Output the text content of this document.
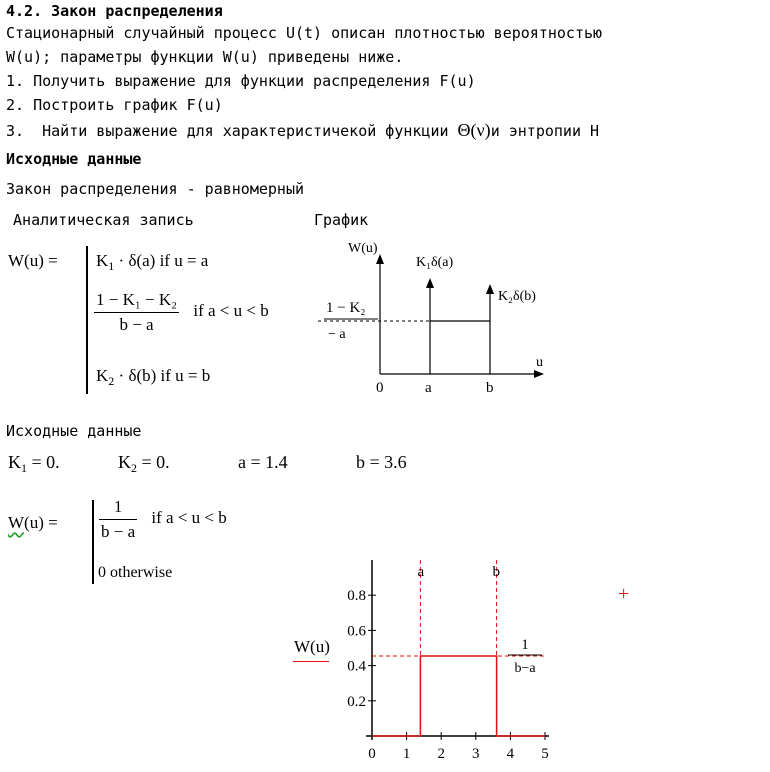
4.2. Закон распределения
Стационарный случайный процесс U(t) описан плотностью вероятностью
W(u); параметры функции W(u) приведены ниже.
1. Получить выражение для функции распределения F(u)
2. Построить график F(u)
3.  Найти выражение для характеристичекой функции Θ(ν)и энтропии H
Исходные данные
Закон распределения - равномерный
Аналитическая запись	График
$W(u) = K_1 \cdot \delta(a)$ if u = a
$\frac{\text{1 − K₁ − K₂}}{b - a}$ if a < u < b
$K_2 \cdot \delta(b)$ if u = b
W(u)
u
K₁δ(a)
K₂δ(b)
1 − K₂
− a
0	a	b
Исходные данные
$K_1 = 0$.	$K_2 = 0$.	a = 1.4	b = 3.6
$W(u) = \frac{1}{b - a}$ if a < u < b
0 otherwise
W(u)
+
0 1 2 3 4 5
0.2
0.4
0.6
0.8
a	b
1
b−a
